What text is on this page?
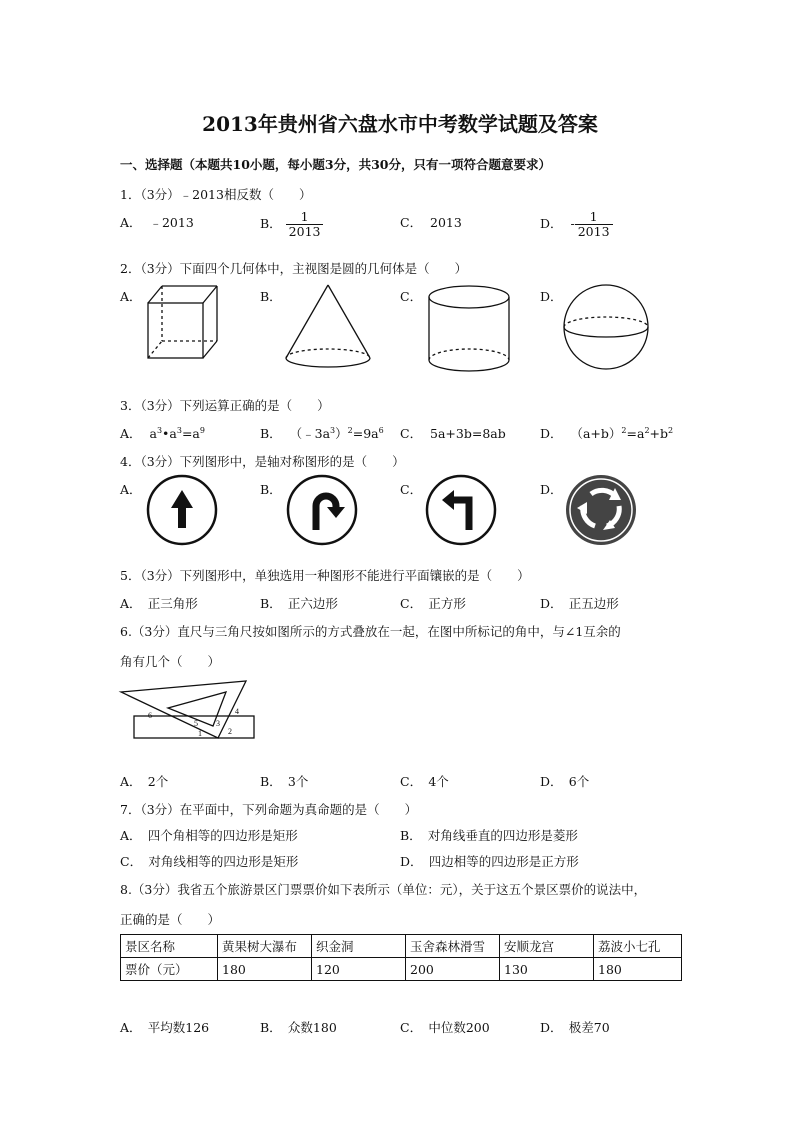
2013年贵州省六盘水市中考数学试题及答案
一、选择题（本题共10小题，每小题3分，共30分，只有一项符合题意要求）
1．（3分）﹣2013相反数（　　）
A． ﹣2013	B． $\frac{1}{2013}$	C． 2013	D． - $\frac{1}{2013}$
2．（3分）下面四个几何体中，主视图是圆的几何体是（　　）
A．	B．	C．	D．
3．（3分）下列运算正确的是（　　）
A． $a^3•a^3=a^9$	B． $(﹣3a^3)^2=9a^6$ C． 5a+3b=8ab	D． $(a+b)^2=a^2+b^2$
4．（3分）下列图形中，是轴对称图形的是（　　）
A．	B．	C．	D．
5．（3分）下列图形中，单独选用一种图形不能进行平面镶嵌的是（　　）
A．　正三角形	B．　正六边形	C．　正方形	D．　正五边形
6.（3分）直尺与三角尺按如图所示的方式叠放在一起，在图中所标记的角中，与∠1互余的
角有几个（　　）
1	2
3
4
5
6
A．　2个	B．　3个	C．　4个	D．　6个
7．（3分）在平面中，下列命题为真命题的是（　　）
A．　四个角相等的四边形是矩形	B．　对角线垂直的四边形是菱形
C．　对角线相等的四边形是矩形	D．　四边相等的四边形是正方形
8.（3分）我省五个旅游景区门票票价如下表所示（单位：元），关于这五个景区票价的说法中，
正确的是（　　）
景区名称	黄果树大瀑布	织金洞	玉舍森林滑雪	安顺龙宫	荔波小七孔
票价（元）	180	120	200	130	180
A．　平均数126	B．　众数180	C．　中位数200	D．　极差70
